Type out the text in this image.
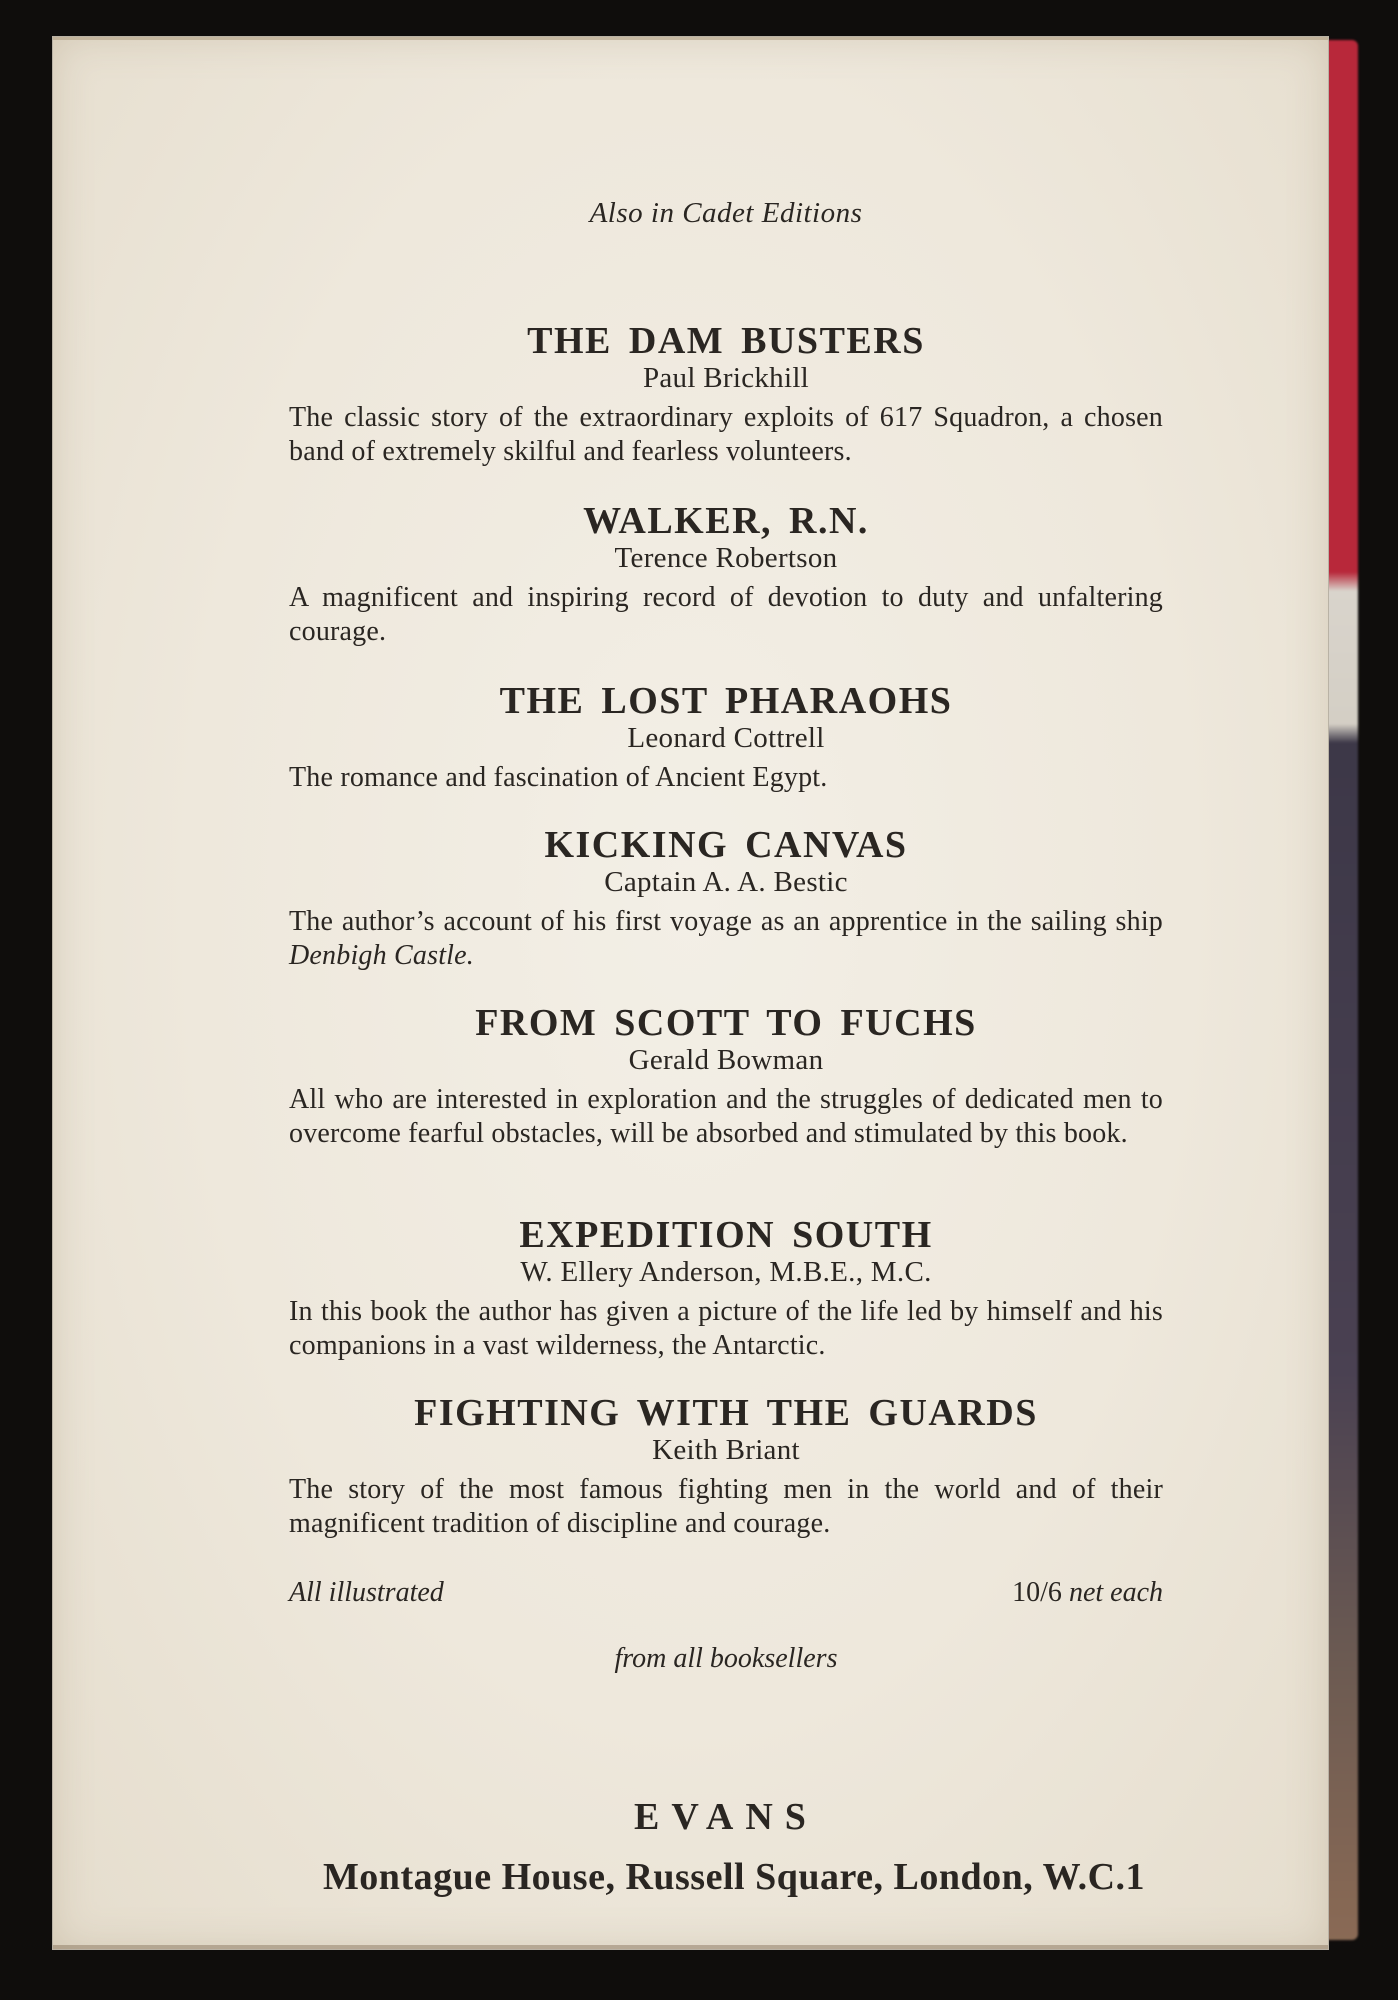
Also in Cadet Editions
THE DAM BUSTERS
Paul Brickhill
The classic story of the extraordinary exploits of 617 Squadron, a chosen band of extremely skilful and fearless volunteers.
WALKER, R.N.
Terence Robertson
A magnificent and inspiring record of devotion to duty and unfaltering courage.
THE LOST PHARAOHS
Leonard Cottrell
The romance and fascination of Ancient Egypt.
KICKING CANVAS
Captain A. A. Bestic
The author’s account of his first voyage as an apprentice in the sailing ship Denbigh Castle.
FROM SCOTT TO FUCHS
Gerald Bowman
All who are interested in exploration and the struggles of dedicated men to overcome fearful obstacles, will be absorbed and stimulated by this book.
EXPEDITION SOUTH
W. Ellery Anderson, M.B.E., M.C.
In this book the author has given a picture of the life led by himself and his companions in a vast wilderness, the Antarctic.
FIGHTING WITH THE GUARDS
Keith Briant
The story of the most famous fighting men in the world and of their magnificent tradition of discipline and courage.
All illustrated	10/6 net each
from all booksellers
EVANS
Montague House, Russell Square, London, W.C.1
